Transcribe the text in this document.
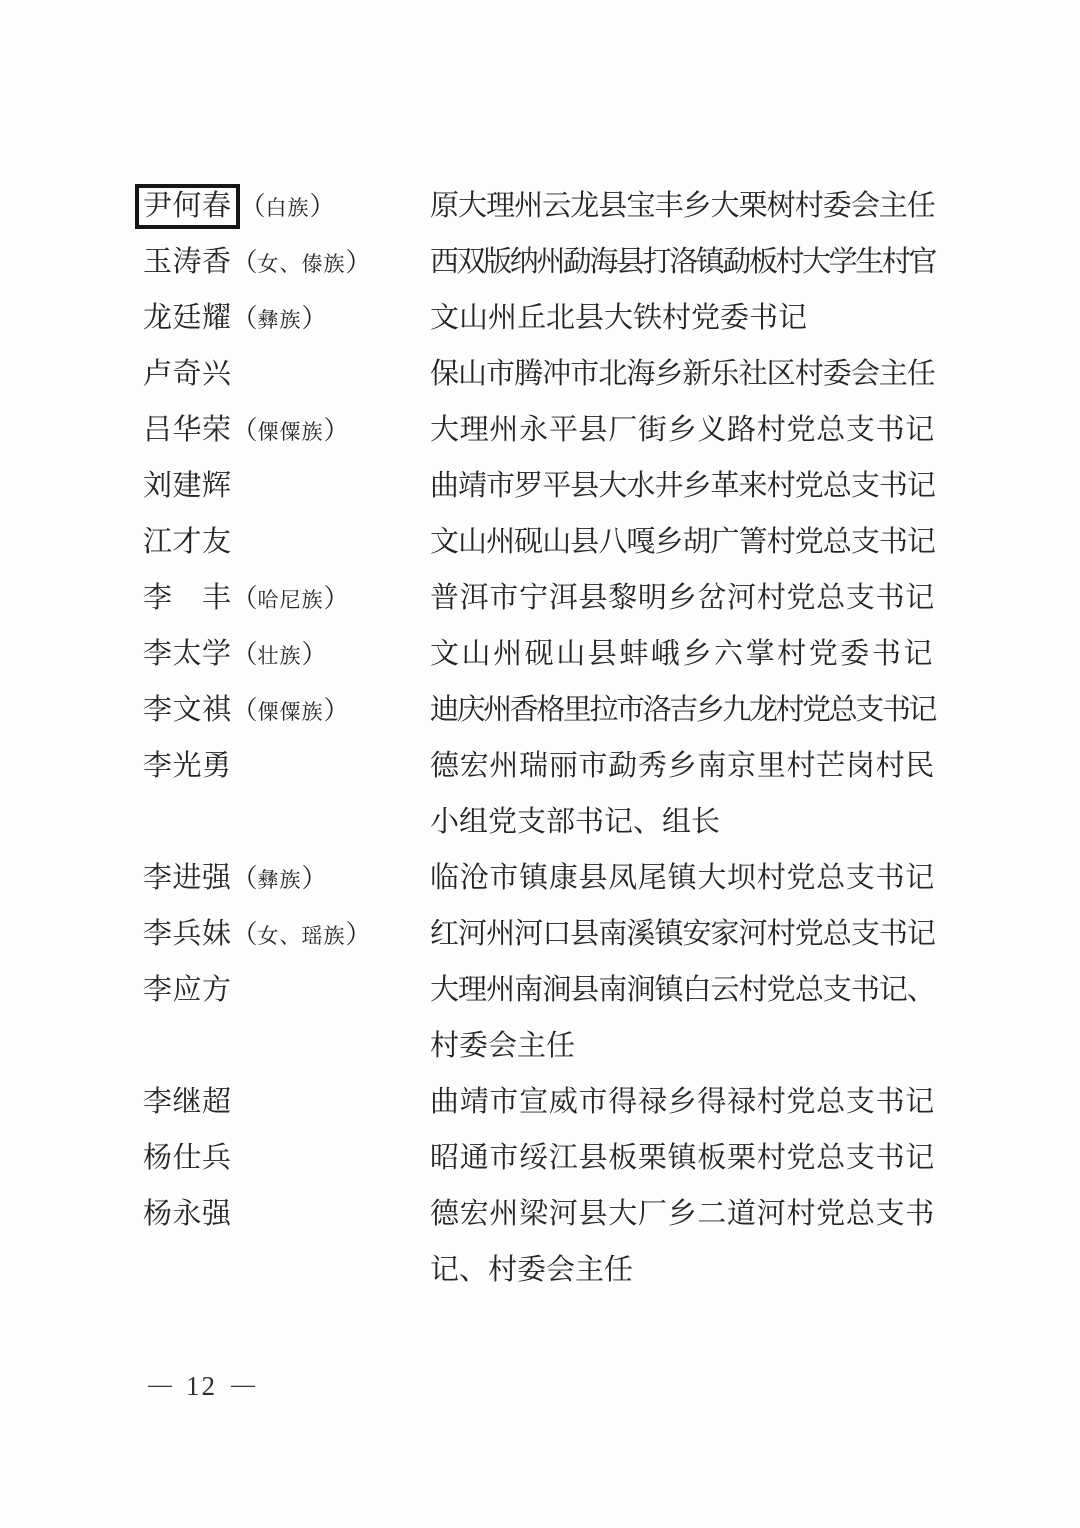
尹何春 （白族）	原大理州云龙县宝丰乡大栗树村委会主任
玉涛香（女、傣族）	西双版纳州勐海县打洛镇勐板村大学生村官
龙廷耀（彝族）	文山州丘北县大铁村党委书记
卢奇兴	保山市腾冲市北海乡新乐社区村委会主任
吕华荣（傈僳族）	大理州永平县厂街乡义路村党总支书记
刘建辉	曲靖市罗平县大水井乡革来村党总支书记
江才友	文山州砚山县八嘎乡胡广箐村党总支书记
李　丰（哈尼族）	普洱市宁洱县黎明乡岔河村党总支书记
李太学（壮族）	文山州砚山县蚌峨乡六掌村党委书记
李文祺（傈僳族）	迪庆州香格里拉市洛吉乡九龙村党总支书记
李光勇	德宏州瑞丽市勐秀乡南京里村芒岗村民
小组党支部书记、组长
李进强（彝族）	临沧市镇康县凤尾镇大坝村党总支书记
李兵妹（女、瑶族）	红河州河口县南溪镇安家河村党总支书记
李应方	大理州南涧县南涧镇白云村党总支书记、
村委会主任
李继超	曲靖市宣威市得禄乡得禄村党总支书记
杨仕兵	昭通市绥江县板栗镇板栗村党总支书记
杨永强	德宏州梁河县大厂乡二道河村党总支书
记、村委会主任
— 12 —
